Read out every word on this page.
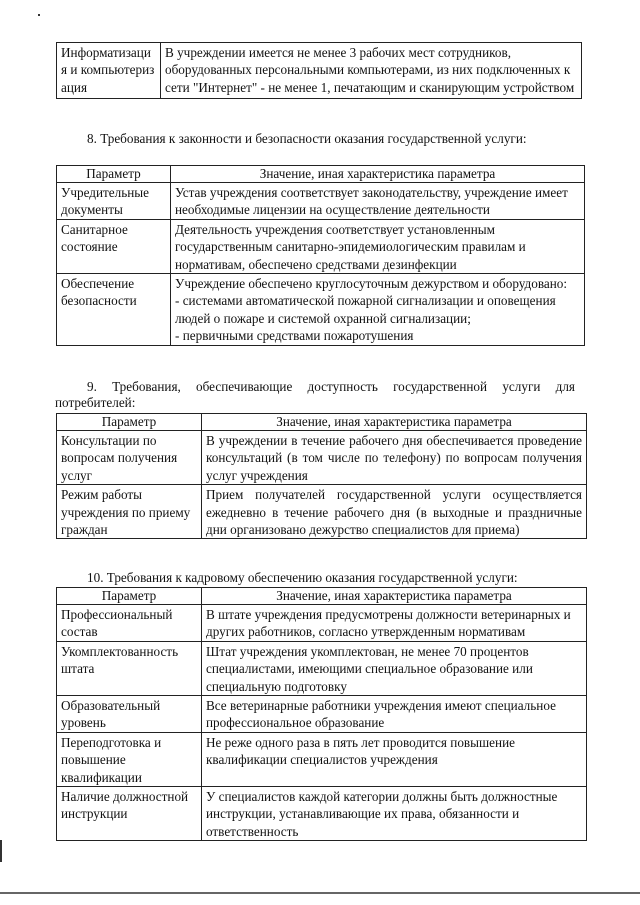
Информатизация и компьютеризация	В учреждении имеется не менее 3 рабочих мест сотрудников, оборудованных персональными компьютерами, из них подключенных к сети "Интернет" - не менее 1, печатающим и сканирующим устройством
8. Требования к законности и безопасности оказания государственной услуги:
Параметр	Значение, иная характеристика параметра
Учредительные документы	Устав учреждения соответствует законодательству, учреждение имеет необходимые лицензии на осуществление деятельности
Санитарное состояние	Деятельность учреждения соответствует установленным государственным санитарно-эпидемиологическим правилам и нормативам, обеспечено средствами дезинфекции
Обеспечение безопасности	Учреждение обеспечено круглосуточным дежурством и оборудовано:
- системами автоматической пожарной сигнализации и оповещения людей о пожаре и системой охранной сигнализации;
- первичными средствами пожаротушения
9. Требования, обеспечивающие доступность государственной услуги для потребителей:
Параметр	Значение, иная характеристика параметра
Консультации по вопросам получения услуг	В учреждении в течение рабочего дня обеспечивается проведение консультаций (в том числе по телефону) по вопросам получения услуг учреждения
Режим работы учреждения по приему граждан	Прием получателей государственной услуги осуществляется ежедневно в течение рабочего дня (в выходные и праздничные дни организовано дежурство специалистов для приема)
10. Требования к кадровому обеспечению оказания государственной услуги:
Параметр	Значение, иная характеристика параметра
Профессиональный состав	В штате учреждения предусмотрены должности ветеринарных и других работников, согласно утвержденным нормативам
Укомплектованность штата	Штат учреждения укомплектован, не менее 70 процентов специалистами, имеющими специальное образование или специальную подготовку
Образовательный уровень	Все ветеринарные работники учреждения имеют специальное профессиональное образование
Переподготовка и повышение квалификации	Не реже одного раза в пять лет проводится повышение квалификации специалистов учреждения
Наличие должностной инструкции	У специалистов каждой категории должны быть должностные инструкции, устанавливающие их права, обязанности и ответственность
